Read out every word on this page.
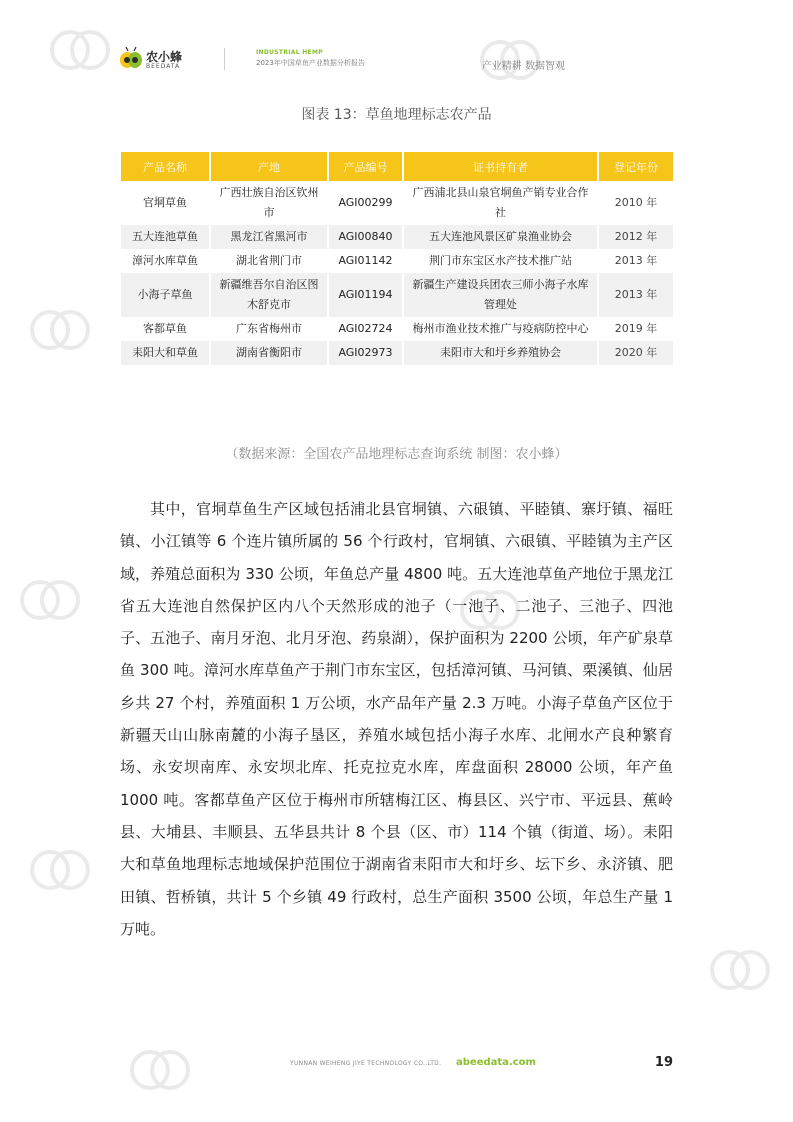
农小蜂
BEEDATA
INDUSTRIAL HEMP
2023年中国草鱼产业数据分析报告	产业精耕 数据智观
图表 13：草鱼地理标志农产品
产品名称	产地	产品编号	证书持有者	登记年份
官垌草鱼	广西壮族自治区钦州市	AGI00299	广西浦北县山泉官垌鱼产销专业合作社	2010 年
五大连池草鱼	黑龙江省黑河市	AGI00840	五大连池风景区矿泉渔业协会	2012 年
漳河水库草鱼	湖北省荆门市	AGI01142	荆门市东宝区水产技术推广站	2013 年
小海子草鱼	新疆维吾尔自治区图木舒克市	AGI01194	新疆生产建设兵团农三师小海子水库管理处	2013 年
客都草鱼	广东省梅州市	AGI02724	梅州市渔业技术推广与疫病防控中心	2019 年
耒阳大和草鱼	湖南省衡阳市	AGI02973	耒阳市大和圩乡养殖协会	2020 年
（数据来源：全国农产品地理标志查询系统 制图：农小蜂）

其中，官垌草鱼生产区域包括浦北县官垌镇、六硍镇、平睦镇、寨圩镇、福旺镇、小江镇等 6 个连片镇所属的 56 个行政村，官垌镇、六硍镇、平睦镇为主产区域，养殖总面积为 330 公顷，年鱼总产量 4800 吨。五大连池草鱼产地位于黑龙江省五大连池自然保护区内八个天然形成的池子（一池子、二池子、三池子、四池子、五池子、南月牙泡、北月牙泡、药泉湖），保护面积为 2200 公顷，年产矿泉草鱼 300 吨。漳河水库草鱼产于荆门市东宝区，包括漳河镇、马河镇、栗溪镇、仙居乡共 27 个村，养殖面积 1 万公顷，水产品年产量 2.3 万吨。小海子草鱼产区位于新疆天山山脉南麓的小海子垦区，养殖水域包括小海子水库、北闸水产良种繁育场、永安坝南库、永安坝北库、托克拉克水库，库盘面积 28000 公顷，年产鱼 1000 吨。客都草鱼产区位于梅州市所辖梅江区、梅县区、兴宁市、平远县、蕉岭县、大埔县、丰顺县、五华县共计 8 个县（区、市）114 个镇（街道、场）。耒阳大和草鱼地理标志地域保护范围位于湖南省耒阳市大和圩乡、坛下乡、永济镇、肥田镇、哲桥镇，共计 5 个乡镇 49 行政村，总生产面积 3500 公顷，年总生产量 1 万吨。

YUNNAN WEIHENG JIYE TECHNOLOGY CO.,LTD. abeedata.com	19
